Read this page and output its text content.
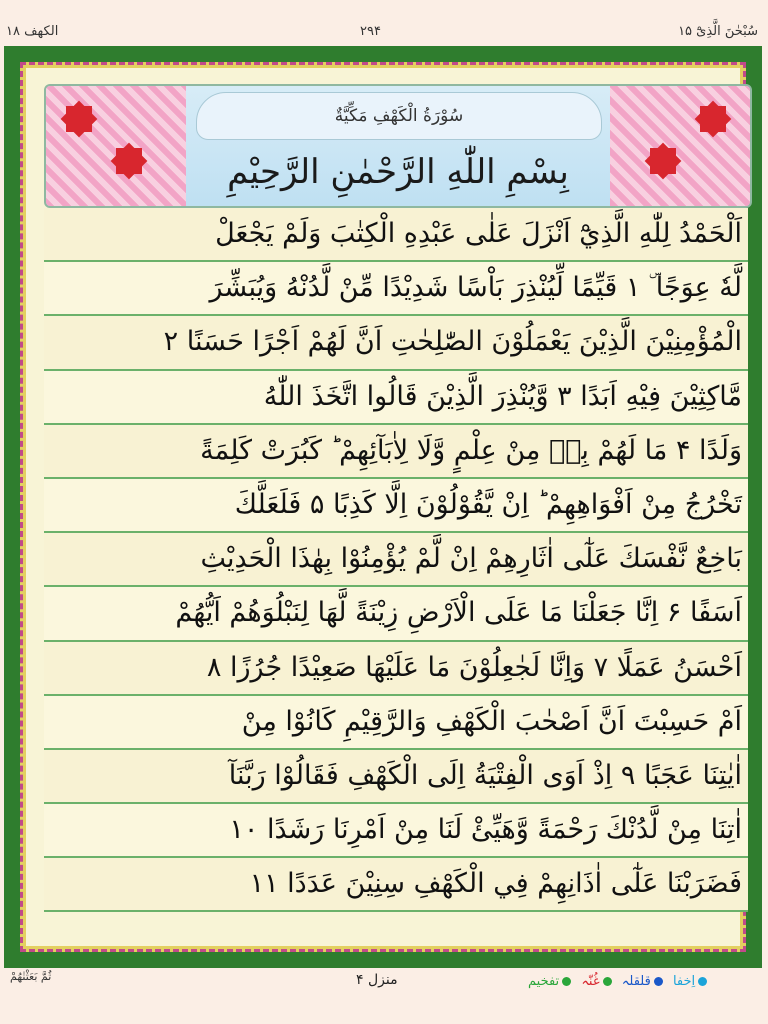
الکھف ۱۸	۲۹۴	سُبْحٰنَ الَّذِیْٓ ۱۵
سُوْرَةُ الْكَهْفِ مَكِّيَّةٌ
بِسْمِ اللّٰهِ الرَّحْمٰنِ الرَّحِيْمِ
اَلْحَمْدُ لِلّٰهِ الَّذِيْٓ اَنْزَلَ عَلٰى عَبْدِهِ الْكِتٰبَ وَلَمْ يَجْعَلْ
لَّهٗ عِوَجًا ۜ ۱ قَيِّمًا لِّيُنْذِرَ بَاْسًا شَدِيْدًا مِّنْ لَّدُنْهُ وَيُبَشِّرَ
الْمُؤْمِنِيْنَ الَّذِيْنَ يَعْمَلُوْنَ الصّٰلِحٰتِ اَنَّ لَهُمْ اَجْرًا حَسَنًا ۲
مَّاكِثِيْنَ فِيْهِ اَبَدًا ۳ وَّيُنْذِرَ الَّذِيْنَ قَالُوا اتَّخَذَ اللّٰهُ
وَلَدًا ۴ مَا لَهُمْ بِهٖ مِنْ عِلْمٍ وَّلَا لِاٰبَآئِهِمْ ؕ كَبُرَتْ كَلِمَةً
تَخْرُجُ مِنْ اَفْوَاهِهِمْ ؕ اِنْ يَّقُوْلُوْنَ اِلَّا كَذِبًا ۵ فَلَعَلَّكَ
بَاخِعٌ نَّفْسَكَ عَلٰٓى اٰثَارِهِمْ اِنْ لَّمْ يُؤْمِنُوْا بِهٰذَا الْحَدِيْثِ
اَسَفًا ۶ اِنَّا جَعَلْنَا مَا عَلَى الْاَرْضِ زِيْنَةً لَّهَا لِنَبْلُوَهُمْ اَيُّهُمْ
اَحْسَنُ عَمَلًا ۷ وَاِنَّا لَجٰعِلُوْنَ مَا عَلَيْهَا صَعِيْدًا جُرُزًا ۸
اَمْ حَسِبْتَ اَنَّ اَصْحٰبَ الْكَهْفِ وَالرَّقِيْمِ كَانُوْا مِنْ
اٰيٰتِنَا عَجَبًا ۹ اِذْ اَوَى الْفِتْيَةُ اِلَى الْكَهْفِ فَقَالُوْا رَبَّنَآ
اٰتِنَا مِنْ لَّدُنْكَ رَحْمَةً وَّهَيِّئْ لَنَا مِنْ اَمْرِنَا رَشَدًا ۱۰
فَضَرَبْنَا عَلٰٓى اٰذَانِهِمْ فِي الْكَهْفِ سِنِيْنَ عَدَدًا ۱۱
ثُمَّ بَعَثْنٰهُمْ	منزل ۴	اِخفا قلقلہ غُنّہ تفخیم
